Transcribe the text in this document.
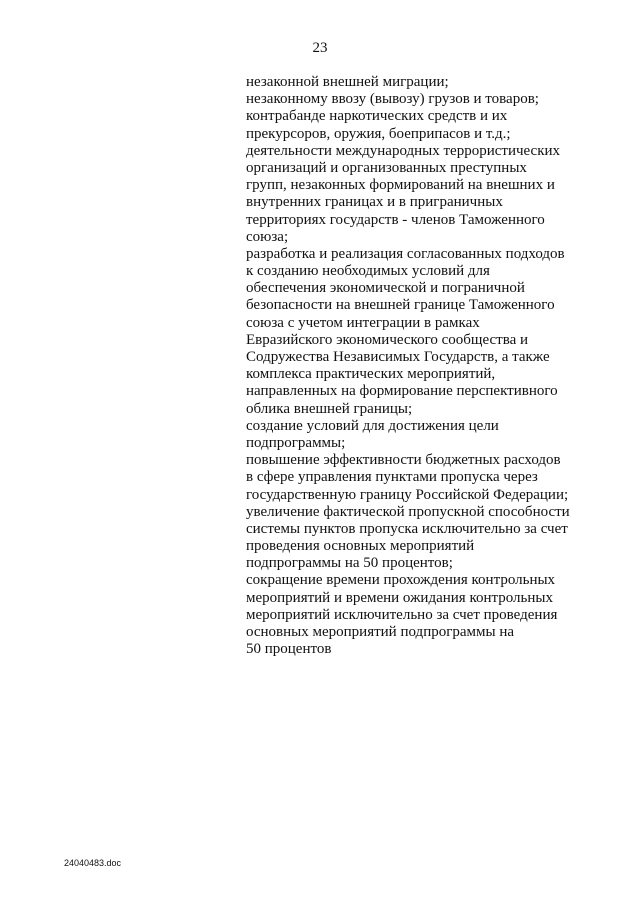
23
незаконной внешней миграции;
незаконному ввозу (вывозу) грузов и товаров;
контрабанде наркотических средств и их
прекурсоров, оружия, боеприпасов и т.д.;
деятельности международных террористических
организаций и организованных преступных
групп, незаконных формирований на внешних и
внутренних границах и в приграничных
территориях государств - членов Таможенного
союза;
разработка и реализация согласованных подходов
к созданию необходимых условий для
обеспечения экономической и пограничной
безопасности на внешней границе Таможенного
союза с учетом интеграции в рамках
Евразийского экономического сообщества и
Содружества Независимых Государств, а также
комплекса практических мероприятий,
направленных на формирование перспективного
облика внешней границы;
создание условий для достижения цели
подпрограммы;
повышение эффективности бюджетных расходов
в сфере управления пунктами пропуска через
государственную границу Российской Федерации;
увеличение фактической пропускной способности
системы пунктов пропуска исключительно за счет
проведения основных мероприятий
подпрограммы на 50 процентов;
сокращение времени прохождения контрольных
мероприятий и времени ожидания контрольных
мероприятий исключительно за счет проведения
основных мероприятий подпрограммы на
50 процентов
24040483.doc
